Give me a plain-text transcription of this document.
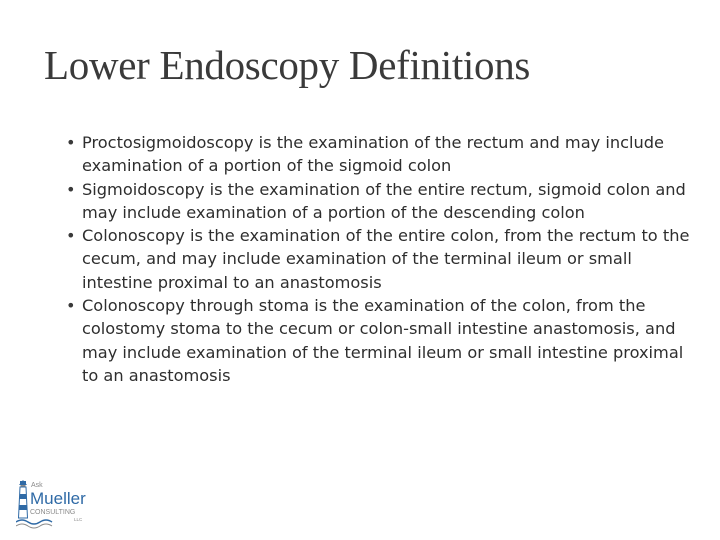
Lower Endoscopy Definitions
• Proctosigmoidoscopy is the examination of the rectum and may include examination of a portion of the sigmoid colon
• Sigmoidoscopy is the examination of the entire rectum, sigmoid colon and may include examination of a portion of the descending colon
• Colonoscopy is the examination of the entire colon, from the rectum to the cecum, and may include examination of the terminal ileum or small intestine proximal to an anastomosis
• Colonoscopy through stoma is the examination of the colon, from the colostomy stoma to the cecum or colon-small intestine anastomosis, and may include examination of the terminal ileum or small intestine proximal to an anastomosis
Ask
Mueller
CONSULTING
LLC
